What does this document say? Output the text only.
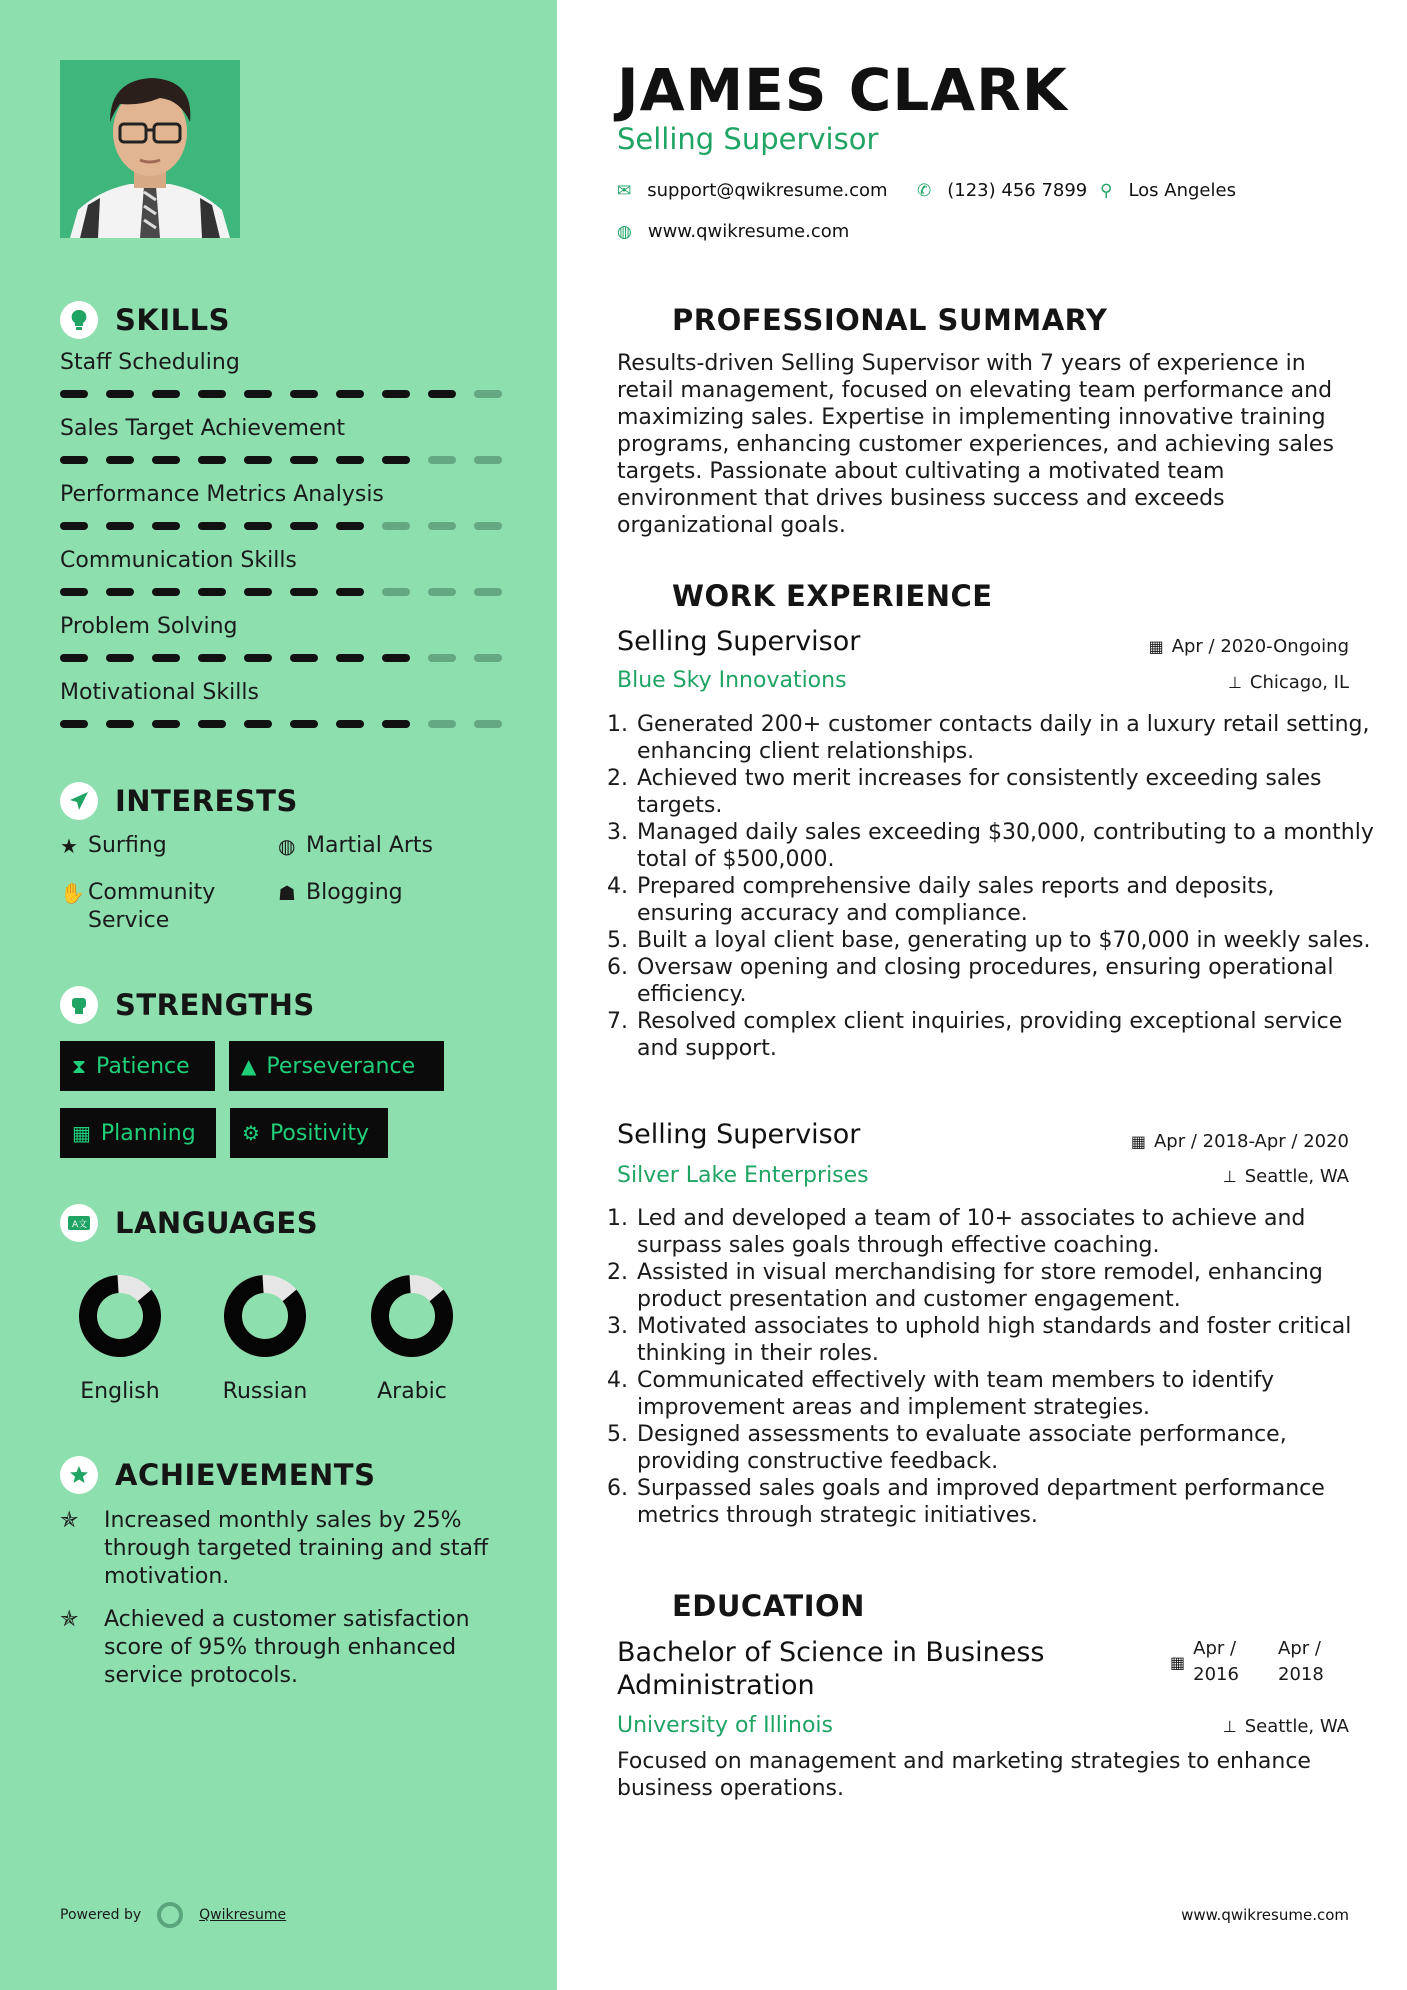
SKILLS
Staff Scheduling
Sales Target Achievement
Performance Metrics Analysis
Communication Skills
Problem Solving
Motivational Skills
INTERESTS
★ Surfing	◍ Martial Arts
✋ Community Service
☗ Blogging
STRENGTHS
⧗ Patience	▲ Perseverance
▦ Planning ⚙ Positivity
A文 LANGUAGES
English	Russian	Arabic
ACHIEVEMENTS
✯	Increased monthly sales by 25% through targeted training and staff motivation.
✯	Achieved a customer satisfaction score of 95% through enhanced service protocols.
Powered by	Qwikresume
JAMES CLARK
Selling Supervisor
✉ support@qwikresume.com ✆ (123) 456 7899 ⚲ Los Angeles
◍ www.qwikresume.com
PROFESSIONAL SUMMARY
Results-driven Selling Supervisor with 7 years of experience in retail management, focused on elevating team performance and maximizing sales. Expertise in implementing innovative training programs, enhancing customer experiences, and achieving sales targets. Passionate about cultivating a motivated team environment that drives business success and exceeds organizational goals.
WORK EXPERIENCE
Selling Supervisor	▦ Apr / 2020-Ongoing
Blue Sky Innovations	⊥ Chicago, IL
1. Generated 200+ customer contacts daily in a luxury retail setting, enhancing client relationships.
2. Achieved two merit increases for consistently exceeding sales targets.
3. Managed daily sales exceeding $30,000, contributing to a monthly total of $500,000.
4. Prepared comprehensive daily sales reports and deposits, ensuring accuracy and compliance.
5. Built a loyal client base, generating up to $70,000 in weekly sales.
6. Oversaw opening and closing procedures, ensuring operational efficiency.
7. Resolved complex client inquiries, providing exceptional service and support.
Selling Supervisor	▦ Apr / 2018-Apr / 2020
Silver Lake Enterprises	⊥ Seattle, WA
1. Led and developed a team of 10+ associates to achieve and surpass sales goals through effective coaching.
2. Assisted in visual merchandising for store remodel, enhancing product presentation and customer engagement.
3. Motivated associates to uphold high standards and foster critical thinking in their roles.
4. Communicated effectively with team members to identify improvement areas and implement strategies.
5. Designed assessments to evaluate associate performance, providing constructive feedback.
6. Surpassed sales goals and improved department performance metrics through strategic initiatives.
EDUCATION
Bachelor of Science in Business Administration
▦
Apr / 2016
Apr / 2018
University of Illinois	⊥ Seattle, WA
Focused on management and marketing strategies to enhance business operations.
www.qwikresume.com
